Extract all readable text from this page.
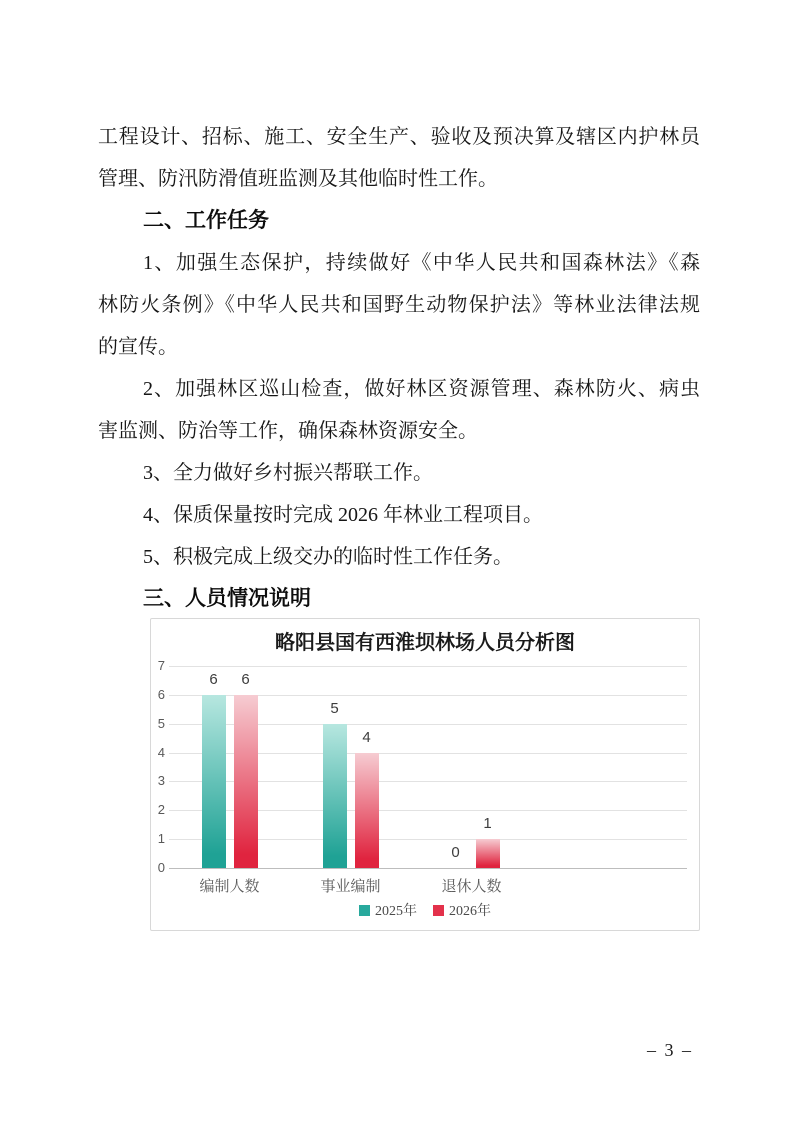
工程设计、招标、施工、安全生产、验收及预决算及辖区内护林员
管理、防汛防滑值班监测及其他临时性工作。
二、工作任务
1、加强生态保护，持续做好《中华人民共和国森林法》《森
林防火条例》《中华人民共和国野生动物保护法》等林业法律法规
的宣传。
2、加强林区巡山检查，做好林区资源管理、森林防火、病虫
害监测、防治等工作，确保森林资源安全。
3、全力做好乡村振兴帮联工作。
4、保质保量按时完成 2026 年林业工程项目。
5、积极完成上级交办的临时性工作任务。
三、人员情况说明
略阳县国有西淮坝林场人员分析图
0
1
2
3
4
5
6
7
6
5
0
6
4
1
编制人数	事业编制	退休人数
2025年 2026年
– 3 –
